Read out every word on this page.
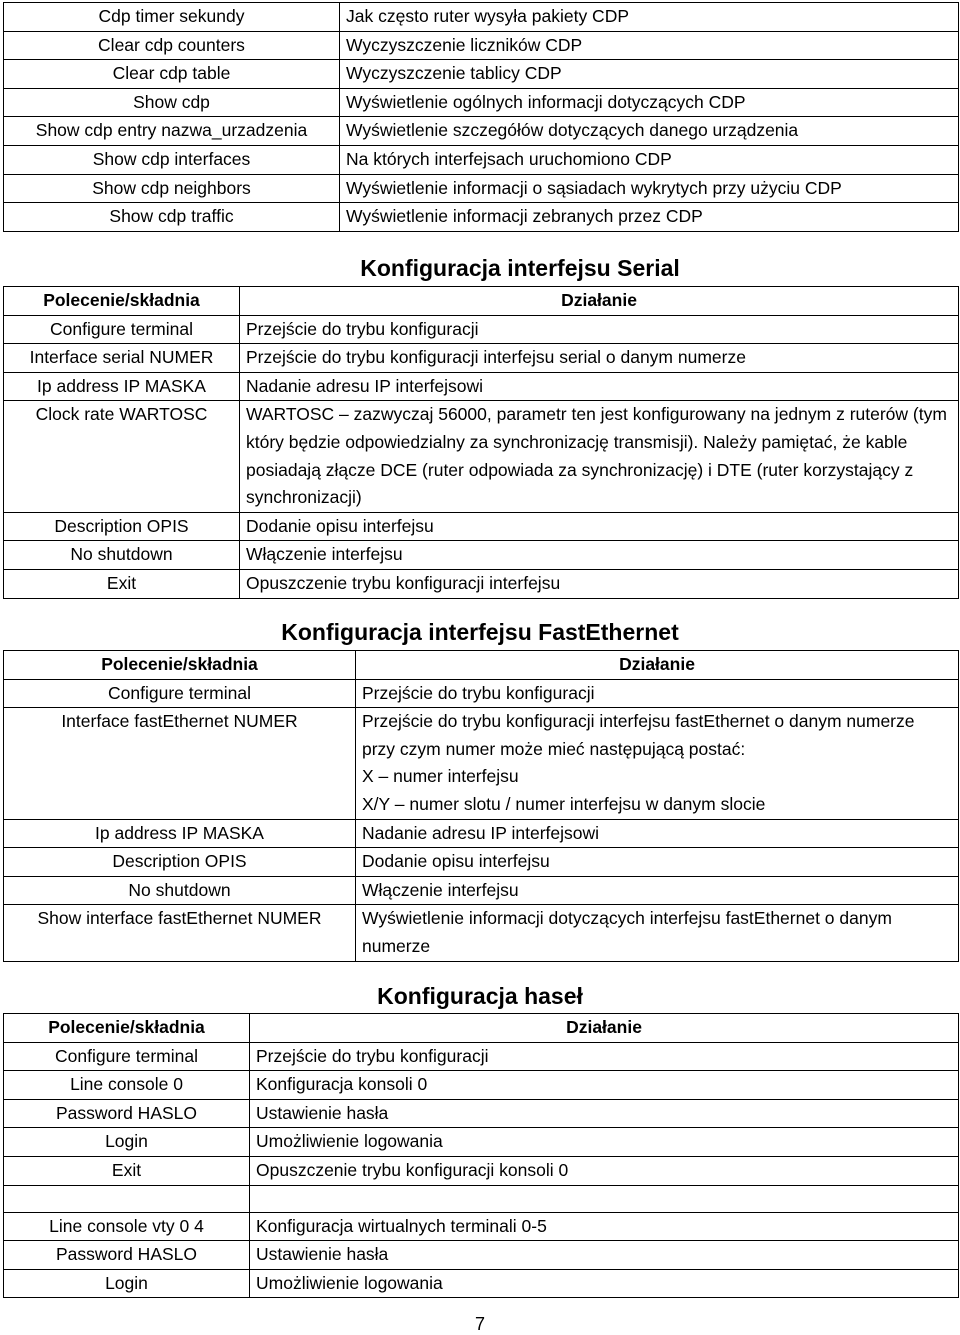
Cdp timer sekundy	Jak często ruter wysyła pakiety CDP
Clear cdp counters	Wyczyszczenie liczników CDP
Clear cdp table	Wyczyszczenie tablicy CDP
Show cdp	Wyświetlenie ogólnych informacji dotyczących CDP
Show cdp entry nazwa_urzadzenia	Wyświetlenie szczegółów dotyczących danego urządzenia
Show cdp interfaces	Na których interfejsach uruchomiono CDP
Show cdp neighbors	Wyświetlenie informacji o sąsiadach wykrytych przy użyciu CDP
Show cdp traffic	Wyświetlenie informacji zebranych przez CDP
Konfiguracja interfejsu Serial
Polecenie/składnia	Działanie
Configure terminal	Przejście do trybu konfiguracji
Interface serial NUMER	Przejście do trybu konfiguracji interfejsu serial o danym numerze
Ip address IP MASKA	Nadanie adresu IP interfejsowi
Clock rate WARTOSC	WARTOSC – zazwyczaj 56000, parametr ten jest konfigurowany na jednym z ruterów (tym który będzie odpowiedzialny za synchronizację transmisji). Należy pamiętać, że kable posiadają złącze DCE (ruter odpowiada za synchronizację) i DTE (ruter korzystający z synchronizacji)
Description OPIS	Dodanie opisu interfejsu
No shutdown	Włączenie interfejsu
Exit	Opuszczenie trybu konfiguracji interfejsu
Konfiguracja interfejsu FastEthernet
Polecenie/składnia	Działanie
Configure terminal	Przejście do trybu konfiguracji
Interface fastEthernet NUMER	Przejście do trybu konfiguracji interfejsu fastEthernet o danym numerze przy czym numer może mieć następującą postać:
X – numer interfejsu
X/Y – numer slotu / numer interfejsu w danym slocie

Ip address IP MASKA	Nadanie adresu IP interfejsowi
Description OPIS	Dodanie opisu interfejsu
No shutdown	Włączenie interfejsu
Show interface fastEthernet NUMER	Wyświetlenie informacji dotyczących interfejsu fastEthernet o danym numerze
Konfiguracja haseł
Polecenie/składnia	Działanie
Configure terminal	Przejście do trybu konfiguracji
Line console 0	Konfiguracja konsoli 0
Password HASLO	Ustawienie hasła
Login	Umożliwienie logowania
Exit	Opuszczenie trybu konfiguracji konsoli 0

Line console vty 0 4	Konfiguracja wirtualnych terminali 0-5
Password HASLO	Ustawienie hasła
Login	Umożliwienie logowania
7
